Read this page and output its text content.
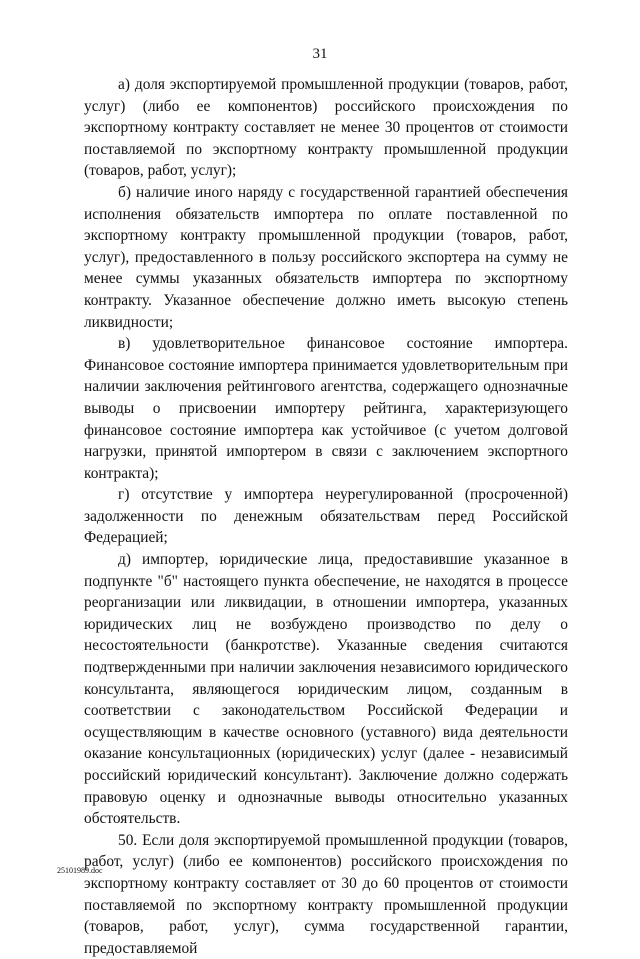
31

а) доля экспортируемой промышленной продукции (товаров, работ, услуг) (либо ее компонентов) российского происхождения по экспортному контракту составляет не менее 30 процентов от стоимости поставляемой по экспортному контракту промышленной продукции (товаров, работ, услуг);

б) наличие иного наряду с государственной гарантией обеспечения исполнения обязательств импортера по оплате поставленной по экспортному контракту промышленной продукции (товаров, работ, услуг), предоставленного в пользу российского экспортера на сумму не менее суммы указанных обязательств импортера по экспортному контракту. Указанное обеспечение должно иметь высокую степень ликвидности;

в) удовлетворительное финансовое состояние импортера. Финансовое состояние импортера принимается удовлетворительным при наличии заключения рейтингового агентства, содержащего однозначные выводы о присвоении импортеру рейтинга, характеризующего финансовое состояние импортера как устойчивое (с учетом долговой нагрузки, принятой импортером в связи с заключением экспортного контракта);

г) отсутствие у импортера неурегулированной (просроченной) задолженности по денежным обязательствам перед Российской Федерацией;

д) импортер, юридические лица, предоставившие указанное в подпункте "б" настоящего пункта обеспечение, не находятся в процессе реорганизации или ликвидации, в отношении импортера, указанных юридических лиц не возбуждено производство по делу о несостоятельности (банкротстве). Указанные сведения считаются подтвержденными при наличии заключения независимого юридического консультанта, являющегося юридическим лицом, созданным в соответствии с законодательством Российской Федерации и осуществляющим в качестве основного (уставного) вида деятельности оказание консультационных (юридических) услуг (далее - независимый российский юридический консультант). Заключение должно содержать правовую оценку и однозначные выводы относительно указанных обстоятельств.

50. Если доля экспортируемой промышленной продукции (товаров, работ, услуг) (либо ее компонентов) российского происхождения по экспортному контракту составляет от 30 до 60 процентов от стоимости поставляемой по экспортному контракту промышленной продукции (товаров, работ, услуг), сумма государственной гарантии, предоставляемой

25101989.doc
